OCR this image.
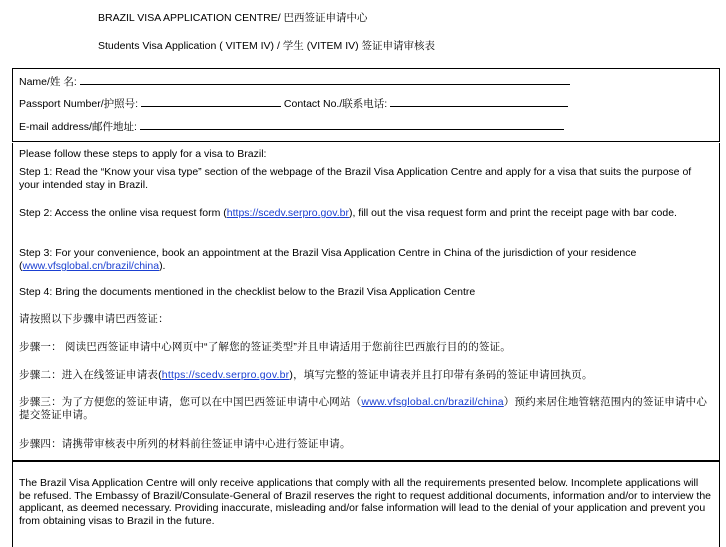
BRAZIL VISA APPLICATION CENTRE/ 巴西签证申请中心
Students Visa Application ( VITEM IV) / 学生 (VITEM IV) 签证申请审核表
Name/姓 名:
Passport Number/护照号:	Contact No./联系电话:
E-mail address/邮件地址:

Please follow these steps to apply for a visa to Brazil:

Step 1: Read the “Know your visa type” section of the webpage of the Brazil Visa Application Centre and apply for a visa that suits the purpose of your intended stay in Brazil.

Step 2: Access the online visa request form (https://scedv.serpro.gov.br), fill out the visa request form and print the receipt page with bar code.

Step 3: For your convenience, book an appointment at the Brazil Visa Application Centre in China of the jurisdiction of your residence (www.vfsglobal.cn/brazil/china).

Step 4: Bring the documents mentioned in the checklist below to the Brazil Visa Application Centre

请按照以下步骤申请巴西签证：

步骤一： 阅读巴西签证申请中心网页中“了解您的签证类型”并且申请适用于您前往巴西旅行目的的签证。

步骤二：进入在线签证申请表(https://scedv.serpro.gov.br)，填写完整的签证申请表并且打印带有条码的签证申请回执页。

步骤三：为了方便您的签证申请，您可以在中国巴西签证申请中心网站（www.vfsglobal.cn/brazil/china）预约来居住地管辖范围内的签证申请中心提交签证申请。

步骤四：请携带审核表中所列的材料前往签证申请中心进行签证申请。

The Brazil Visa Application Centre will only receive applications that comply with all the requirements presented below. Incomplete applications will be refused. The Embassy of Brazil/Consulate-General of Brazil reserves the right to request additional documents, information and/or to interview the applicant, as deemed necessary. Providing inaccurate, misleading and/or false information will lead to the denial of your application and prevent you from obtaining visas to Brazil in the future.
